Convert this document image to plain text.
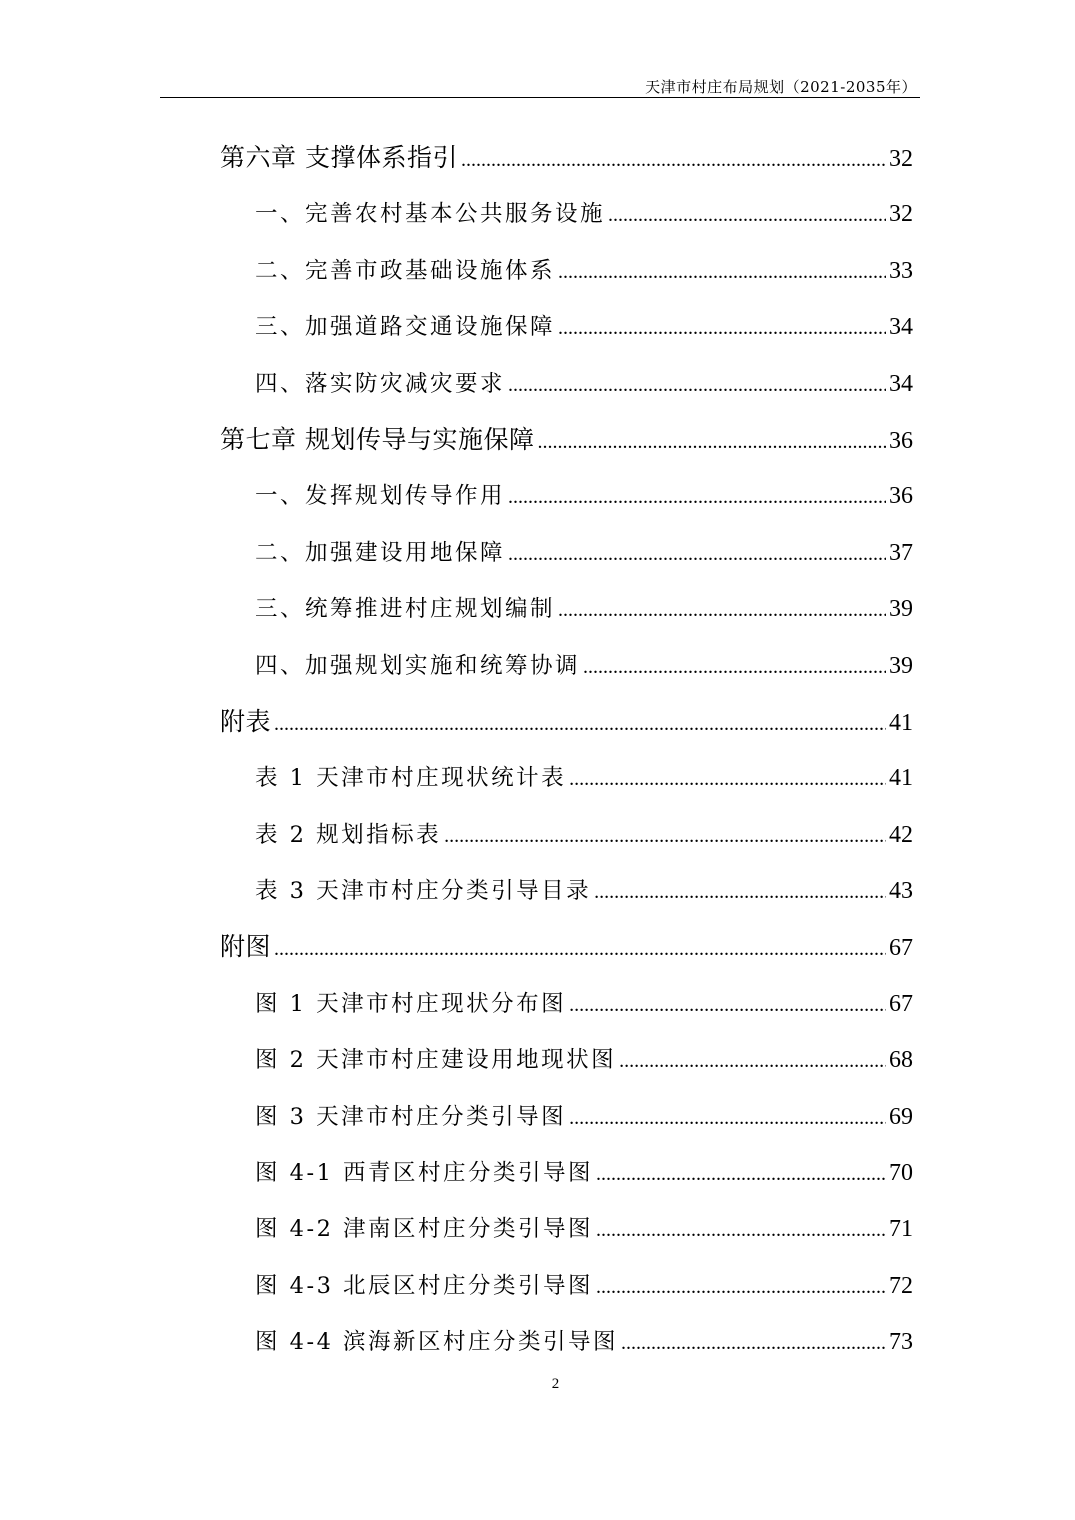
天津市村庄布局规划（2021-2035年）
第六章 支撑体系指引 .....	32
一、完善农村基本公共服务设施 .....	32
二、完善市政基础设施体系 .....	33
三、加强道路交通设施保障 .....	34
四、落实防灾减灾要求 .....	34
第七章 规划传导与实施保障 .....	36
一、发挥规划传导作用 .....	36
二、加强建设用地保障 .....	37
三、统筹推进村庄规划编制 .....	39
四、加强规划实施和统筹协调 .....	39
附表 .....	41
表 1 天津市村庄现状统计表 .....	41
表 2 规划指标表 .....	42
表 3 天津市村庄分类引导目录 .....	43
附图 .....	67
图 1 天津市村庄现状分布图 .....	67
图 2 天津市村庄建设用地现状图 .....	68
图 3 天津市村庄分类引导图 .....	69
图 4-1 西青区村庄分类引导图 .....	70
图 4-2 津南区村庄分类引导图 .....	71
图 4-3 北辰区村庄分类引导图 .....	72
图 4-4 滨海新区村庄分类引导图 .....	73
2
